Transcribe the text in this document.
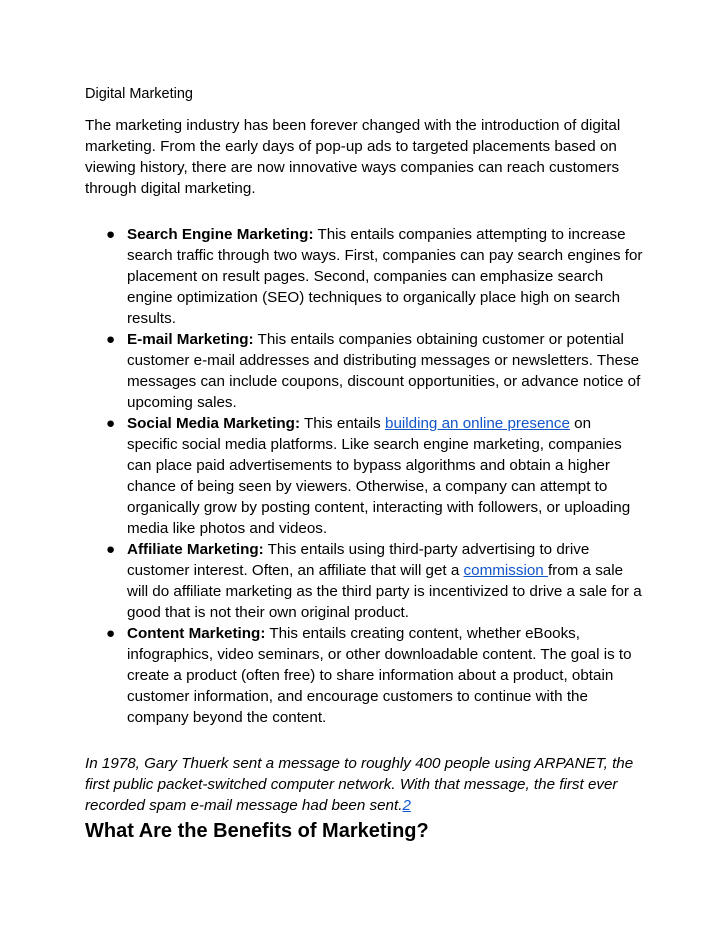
Digital Marketing

The marketing industry has been forever changed with the introduction of digital marketing. From the early days of pop-up ads to targeted placements based on viewing history, there are now innovative ways companies can reach customers through digital marketing.

● Search Engine Marketing: This entails companies attempting to increase search traffic through two ways. First, companies can pay search engines for placement on result pages. Second, companies can emphasize search engine optimization (SEO) techniques to organically place high on search results.
● E-mail Marketing: This entails companies obtaining customer or potential customer e-mail addresses and distributing messages or newsletters. These messages can include coupons, discount opportunities, or advance notice of upcoming sales.
● Social Media Marketing: This entails building an online presence on specific social media platforms. Like search engine marketing, companies can place paid advertisements to bypass algorithms and obtain a higher chance of being seen by viewers. Otherwise, a company can attempt to organically grow by posting content, interacting with followers, or uploading media like photos and videos.
● Affiliate Marketing: This entails using third-party advertising to drive customer interest. Often, an affiliate that will get a commission from a sale will do affiliate marketing as the third party is incentivized to drive a sale for a good that is not their own original product.
● Content Marketing: This entails creating content, whether eBooks, infographics, video seminars, or other downloadable content. The goal is to create a product (often free) to share information about a product, obtain customer information, and encourage customers to continue with the company beyond the content.

In 1978, Gary Thuerk sent a message to roughly 400 people using ARPANET, the first public packet-switched computer network. With that message, the first ever recorded spam e-mail message had been sent.2

What Are the Benefits of Marketing?
